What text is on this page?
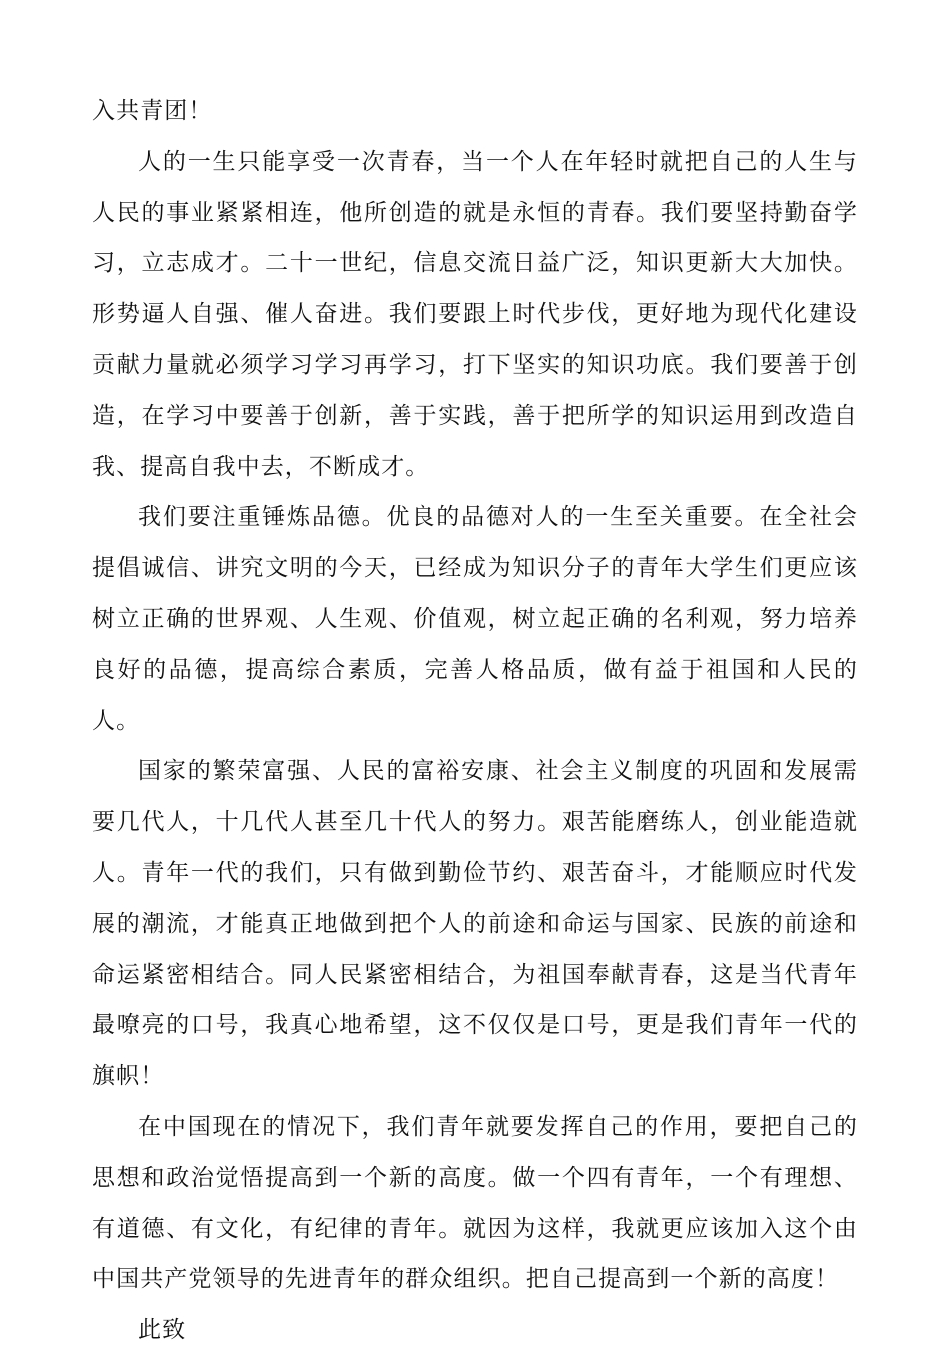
入共青团！

人的一生只能享受一次青春，当一个人在年轻时就把自己的人生与人民的事业紧紧相连，他所创造的就是永恒的青春。我们要坚持勤奋学习，立志成才。二十一世纪，信息交流日益广泛，知识更新大大加快。形势逼人自强、催人奋进。我们要跟上时代步伐，更好地为现代化建设贡献力量就必须学习学习再学习，打下坚实的知识功底。我们要善于创造，在学习中要善于创新，善于实践，善于把所学的知识运用到改造自我、提高自我中去，不断成才。

我们要注重锤炼品德。优良的品德对人的一生至关重要。在全社会提倡诚信、讲究文明的今天，已经成为知识分子的青年大学生们更应该树立正确的世界观、人生观、价值观，树立起正确的名利观，努力培养良好的品德，提高综合素质，完善人格品质，做有益于祖国和人民的人。

国家的繁荣富强、人民的富裕安康、社会主义制度的巩固和发展需要几代人，十几代人甚至几十代人的努力。艰苦能磨练人，创业能造就人。青年一代的我们，只有做到勤俭节约、艰苦奋斗，才能顺应时代发展的潮流，才能真正地做到把个人的前途和命运与国家、民族的前途和命运紧密相结合。同人民紧密相结合，为祖国奉献青春，这是当代青年最嘹亮的口号，我真心地希望，这不仅仅是口号，更是我们青年一代的旗帜！

在中国现在的情况下，我们青年就要发挥自己的作用，要把自己的思想和政治觉悟提高到一个新的高度。做一个四有青年，一个有理想、有道德、有文化，有纪律的青年。就因为这样，我就更应该加入这个由中国共产党领导的先进青年的群众组织。把自己提高到一个新的高度！

此致
